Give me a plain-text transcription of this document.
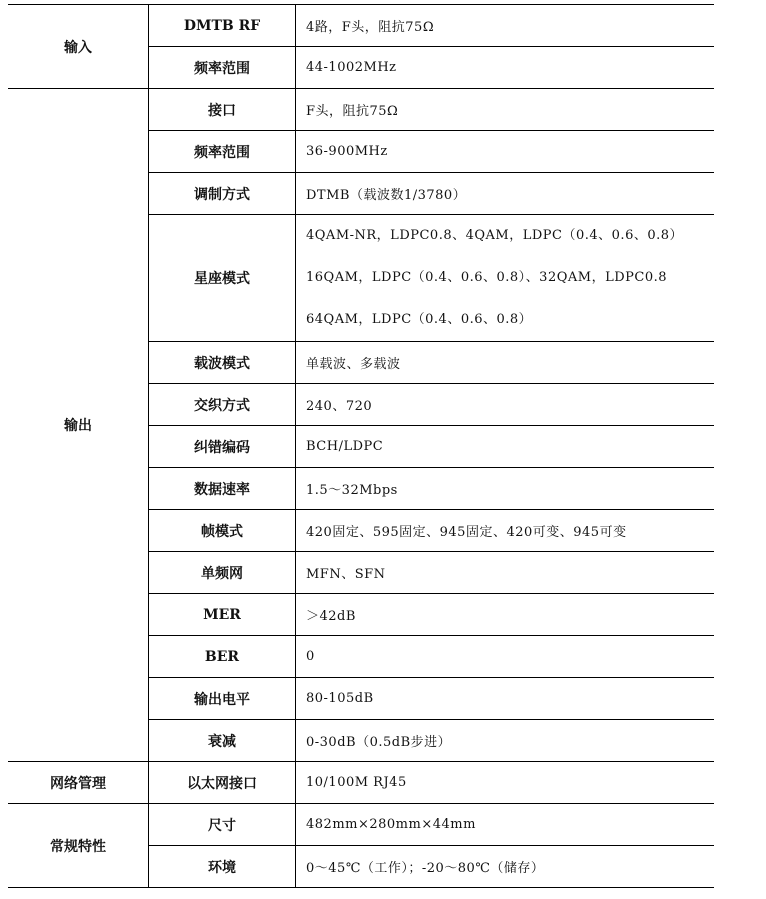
输入	DMTB RF	4路，F头，阻抗75Ω
	频率范围	44-1002MHz
输出	接口	F头，阻抗75Ω
	频率范围	36-900MHz
	调制方式	DTMB（载波数1/3780）
	星座模式	4QAM-NR，LDPC0.8、4QAM，LDPC（0.4、0.6、0.8）
16QAM，LDPC（0.4、0.6、0.8）、32QAM，LDPC0.8
64QAM，LDPC（0.4、0.6、0.8）

	载波模式	单载波、多载波
	交织方式	240、720
	纠错编码	BCH/LDPC
	数据速率	1.5～32Mbps
	帧模式	420固定、595固定、945固定、420可变、945可变
	单频网	MFN、SFN
	MER	＞42dB
	BER	0
	输出电平	80-105dB
	衰减	0-30dB（0.5dB步进）
网络管理	以太网接口	10/100M RJ45
常规特性	尺寸	482mm×280mm×44mm
	环境	0～45℃（工作）；-20～80℃（储存）
